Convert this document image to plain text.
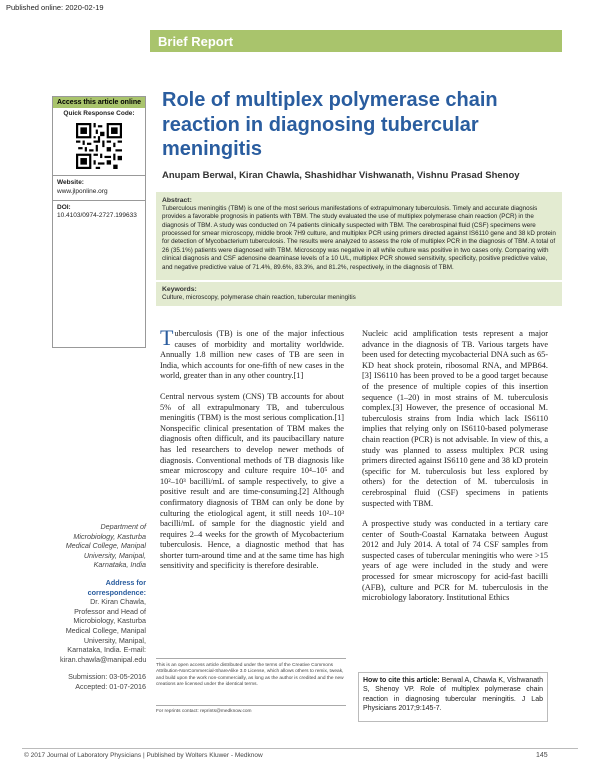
Published online: 2020-02-19
Brief Report
Access this article online
Quick Response Code:
Website:
www.jlponline.org
DOI:
10.4103/0974-2727.199633
Role of multiplex polymerase chain reaction in diagnosing tubercular meningitis
Anupam Berwal, Kiran Chawla, Shashidhar Vishwanath, Vishnu Prasad Shenoy
Abstract:
Tuberculous meningitis (TBM) is one of the most serious manifestations of extrapulmonary tuberculosis. Timely and accurate diagnosis provides a favorable prognosis in patients with TBM. The study evaluated the use of multiplex polymerase chain reaction (PCR) in the diagnosis of TBM. A study was conducted on 74 patients clinically suspected with TBM. The cerebrospinal fluid (CSF) specimens were processed for smear microscopy, middle brook 7H9 culture, and multiplex PCR using primers directed against IS6110 gene and 38 kD protein for detection of Mycobacterium tuberculosis. The results were analyzed to assess the role of multiplex PCR in the diagnosis of TBM. A total of 26 (35.1%) patients were diagnosed with TBM. Microscopy was negative in all while culture was positive in two cases only. Comparing with clinical diagnosis and CSF adenosine deaminase levels of ≥ 10 U/L, multiplex PCR showed sensitivity, specificity, positive predictive value, and negative predictive value of 71.4%, 89.6%, 83.3%, and 81.2%, respectively, in the diagnosis of TBM.
Keywords:
Culture, microscopy, polymerase chain reaction, tubercular meningitis

Tuberculosis (TB) is one of the major infectious causes of morbidity and mortality worldwide. Annually 1.8 million new cases of TB are seen in India, which accounts for one-fifth of new cases in the world, greater than in any other country.[1]

Central nervous system (CNS) TB accounts for about 5% of all extrapulmonary TB, and tuberculous meningitis (TBM) is the most serious complication.[1] Nonspecific clinical presentation of TBM makes the diagnosis often difficult, and its paucibacillary nature has led researchers to develop newer methods of diagnosis. Conventional methods of TB diagnosis like smear microscopy and culture require 10⁴–10⁵ and 10²–10³ bacilli/mL of sample respectively, to give a positive result and are time-consuming.[2] Although confirmatory diagnosis of TBM can only be done by culturing the etiological agent, it still needs 10²–10³ bacilli/mL of sample for the diagnostic yield and requires 2–4 weeks for the growth of Mycobacterium tuberculosis. Hence, a diagnostic method that has shorter turn-around time and at the same time has high sensitivity and specificity is therefore desirable.

Nucleic acid amplification tests represent a major advance in the diagnosis of TB. Various targets have been used for detecting mycobacterial DNA such as 65-KD heat shock protein, ribosomal RNA, and MPB64.[3] IS6110 has been proved to be a good target because of the presence of multiple copies of this insertion sequence (1–20) in most strains of M. tuberculosis complex.[3] However, the presence of occasional M. tuberculosis strains from India which lack IS6110 implies that relying only on IS6110-based polymerase chain reaction (PCR) is not advisable. In view of this, a study was planned to assess multiplex PCR using primers directed against IS6110 gene and 38 kD protein (specific for M. tuberculosis but less explored by others) for the detection of M. tuberculosis in cerebrospinal fluid (CSF) specimens in patients suspected with TBM.

A prospective study was conducted in a tertiary care center of South-Coastal Karnataka between August 2012 and July 2014. A total of 74 CSF samples from suspected cases of tubercular meningitis who were >15 years of age were included in the study and were processed for smear microscopy for acid-fast bacilli (AFB), culture and PCR for M. tuberculosis in the microbiology laboratory. Institutional Ethics

Department of Microbiology, Kasturba Medical College, Manipal University, Manipal, Karnataka, India
Address for correspondence:
Dr. Kiran Chawla, Professor and Head of Microbiology, Kasturba Medical College, Manipal University, Manipal, Karnataka, India. E-mail: kiran.chawla@manipal.edu
Submission: 03-05-2016
Accepted: 01-07-2016
This is an open access article distributed under the terms of the Creative Commons Attribution-NonCommercial-ShareAlike 3.0 License, which allows others to remix, tweak, and build upon the work non-commercially, as long as the author is credited and the new creations are licensed under the identical terms.
For reprints contact: reprints@medknow.com
How to cite this article: Berwal A, Chawla K, Vishwanath S, Shenoy VP. Role of multiplex polymerase chain reaction in diagnosing tubercular meningitis. J Lab Physicians 2017;9:145-7.
© 2017 Journal of Laboratory Physicians | Published by Wolters Kluwer - Medknow	145
